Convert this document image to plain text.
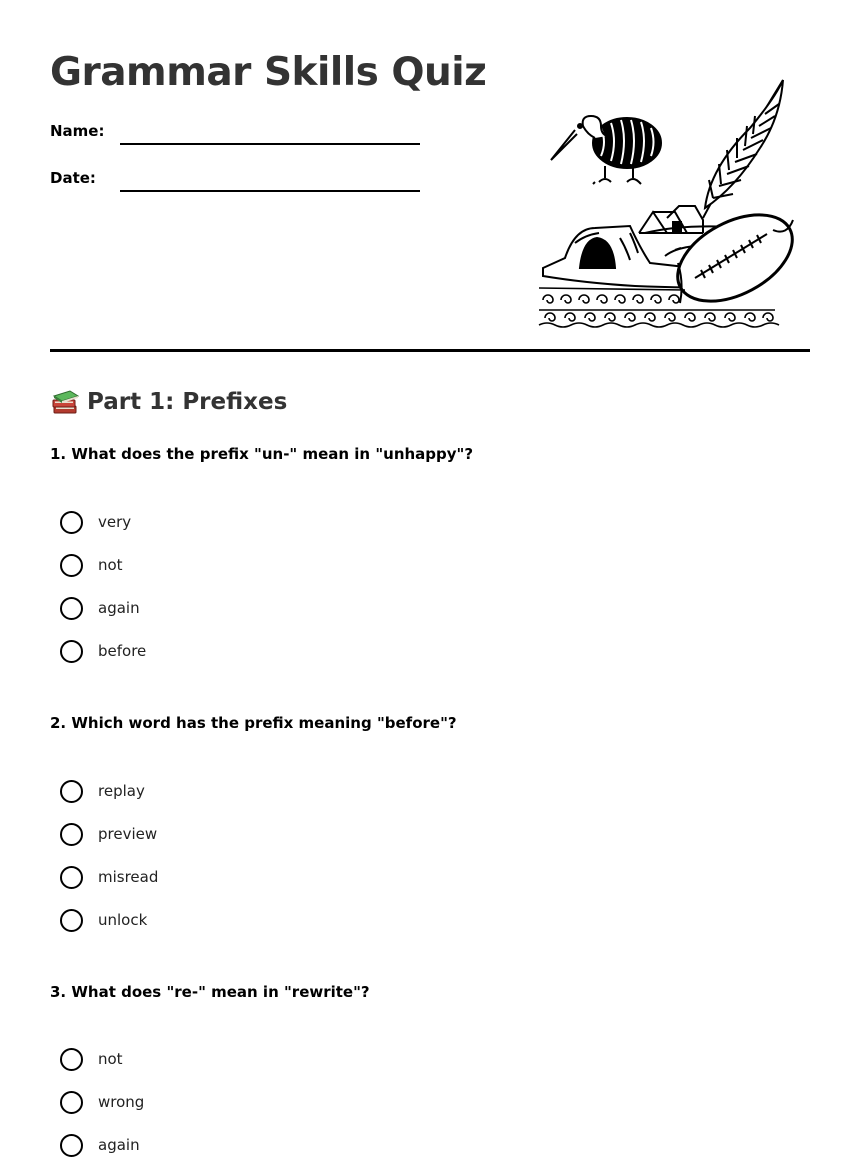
Grammar Skills Quiz
Name:
Date:
Part 1: Prefixes
1. What does the prefix "un-" mean in "unhappy"?
very
not
again
before
2. Which word has the prefix meaning "before"?
replay
preview
misread
unlock
3. What does "re-" mean in "rewrite"?
not
wrong
again
